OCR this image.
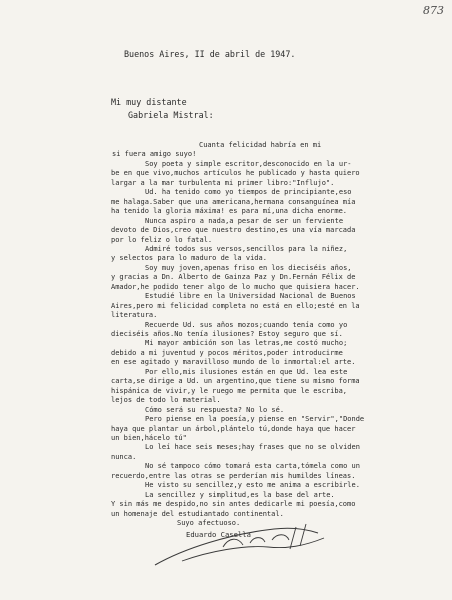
873
Buenos Aires, II de abril de 1947.
Mi muy distante
Gabriela Mistral:
Cuanta felicidad habría en mi
si fuera amigo suyo!
Soy poeta y simple escritor,desconocido en la ur-
be en que vivo,muchos artículos he publicado y hasta quiero
largar a la mar turbulenta mi primer libro:"Influjo".
Ud. ha tenido como yo tiempos de principiante,eso
me halaga.Saber que una americana,hermana consanguínea mía
ha tenido la gloria máxima! es para mí,una dicha enorme.
Nunca aspiro a nada,a pesar de ser un ferviente
devoto de Dios,creo que nuestro destino,es una vía marcada
por lo feliz o lo fatal.
Admiré todos sus versos,sencillos para la niñez,
y selectos para lo maduro de la vida.
Soy muy joven,apenas friso en los dieciséis años,
y gracias a Dn. Alberto de Gainza Paz y Dn.Fernán Félix de
Amador,he podido tener algo de lo mucho que quisiera hacer.
Estudié libre en la Universidad Nacional de Buenos
Aires,pero mi felicidad completa no está en ello;esté en la
literatura.
Recuerde Ud. sus años mozos;cuando tenía como yo
dieciséis años.No tenía ilusiones? Estoy seguro que sí.
Mi mayor ambición son las letras,me costó mucho;
debido a mi juventud y pocos méritos,poder introducirme
en ese agitado y maravilloso mundo de lo inmortal:el arte.
Por ello,mis ilusiones están en que Ud. lea este
carta,se dirige a Ud. un argentino,que tiene su mismo forma
hispánica de vivir,y le ruego me permita que le escriba,
lejos de todo lo material.
Cómo será su respuesta? No lo sé.
Pero piense en la poesía,y piense en "Servir","Donde
haya que plantar un árbol,plántelo tú,donde haya que hacer
un bien,hácelo tú"
Lo leí hace seis meses;hay frases que no se olviden
nunca.
No sé tampoco cómo tomará esta carta,tómela como un
recuerdo,entre las otras se perderían mis humildes líneas.
He visto su sencillez,y esto me anima a escribirle.
La sencillez y simplitud,es la base del arte.
Y sin más me despido,no sin antes dedicarle mi poesía,como
un homenaje del estudiantado continental.
Suyo afectuoso.
Eduardo Casella
